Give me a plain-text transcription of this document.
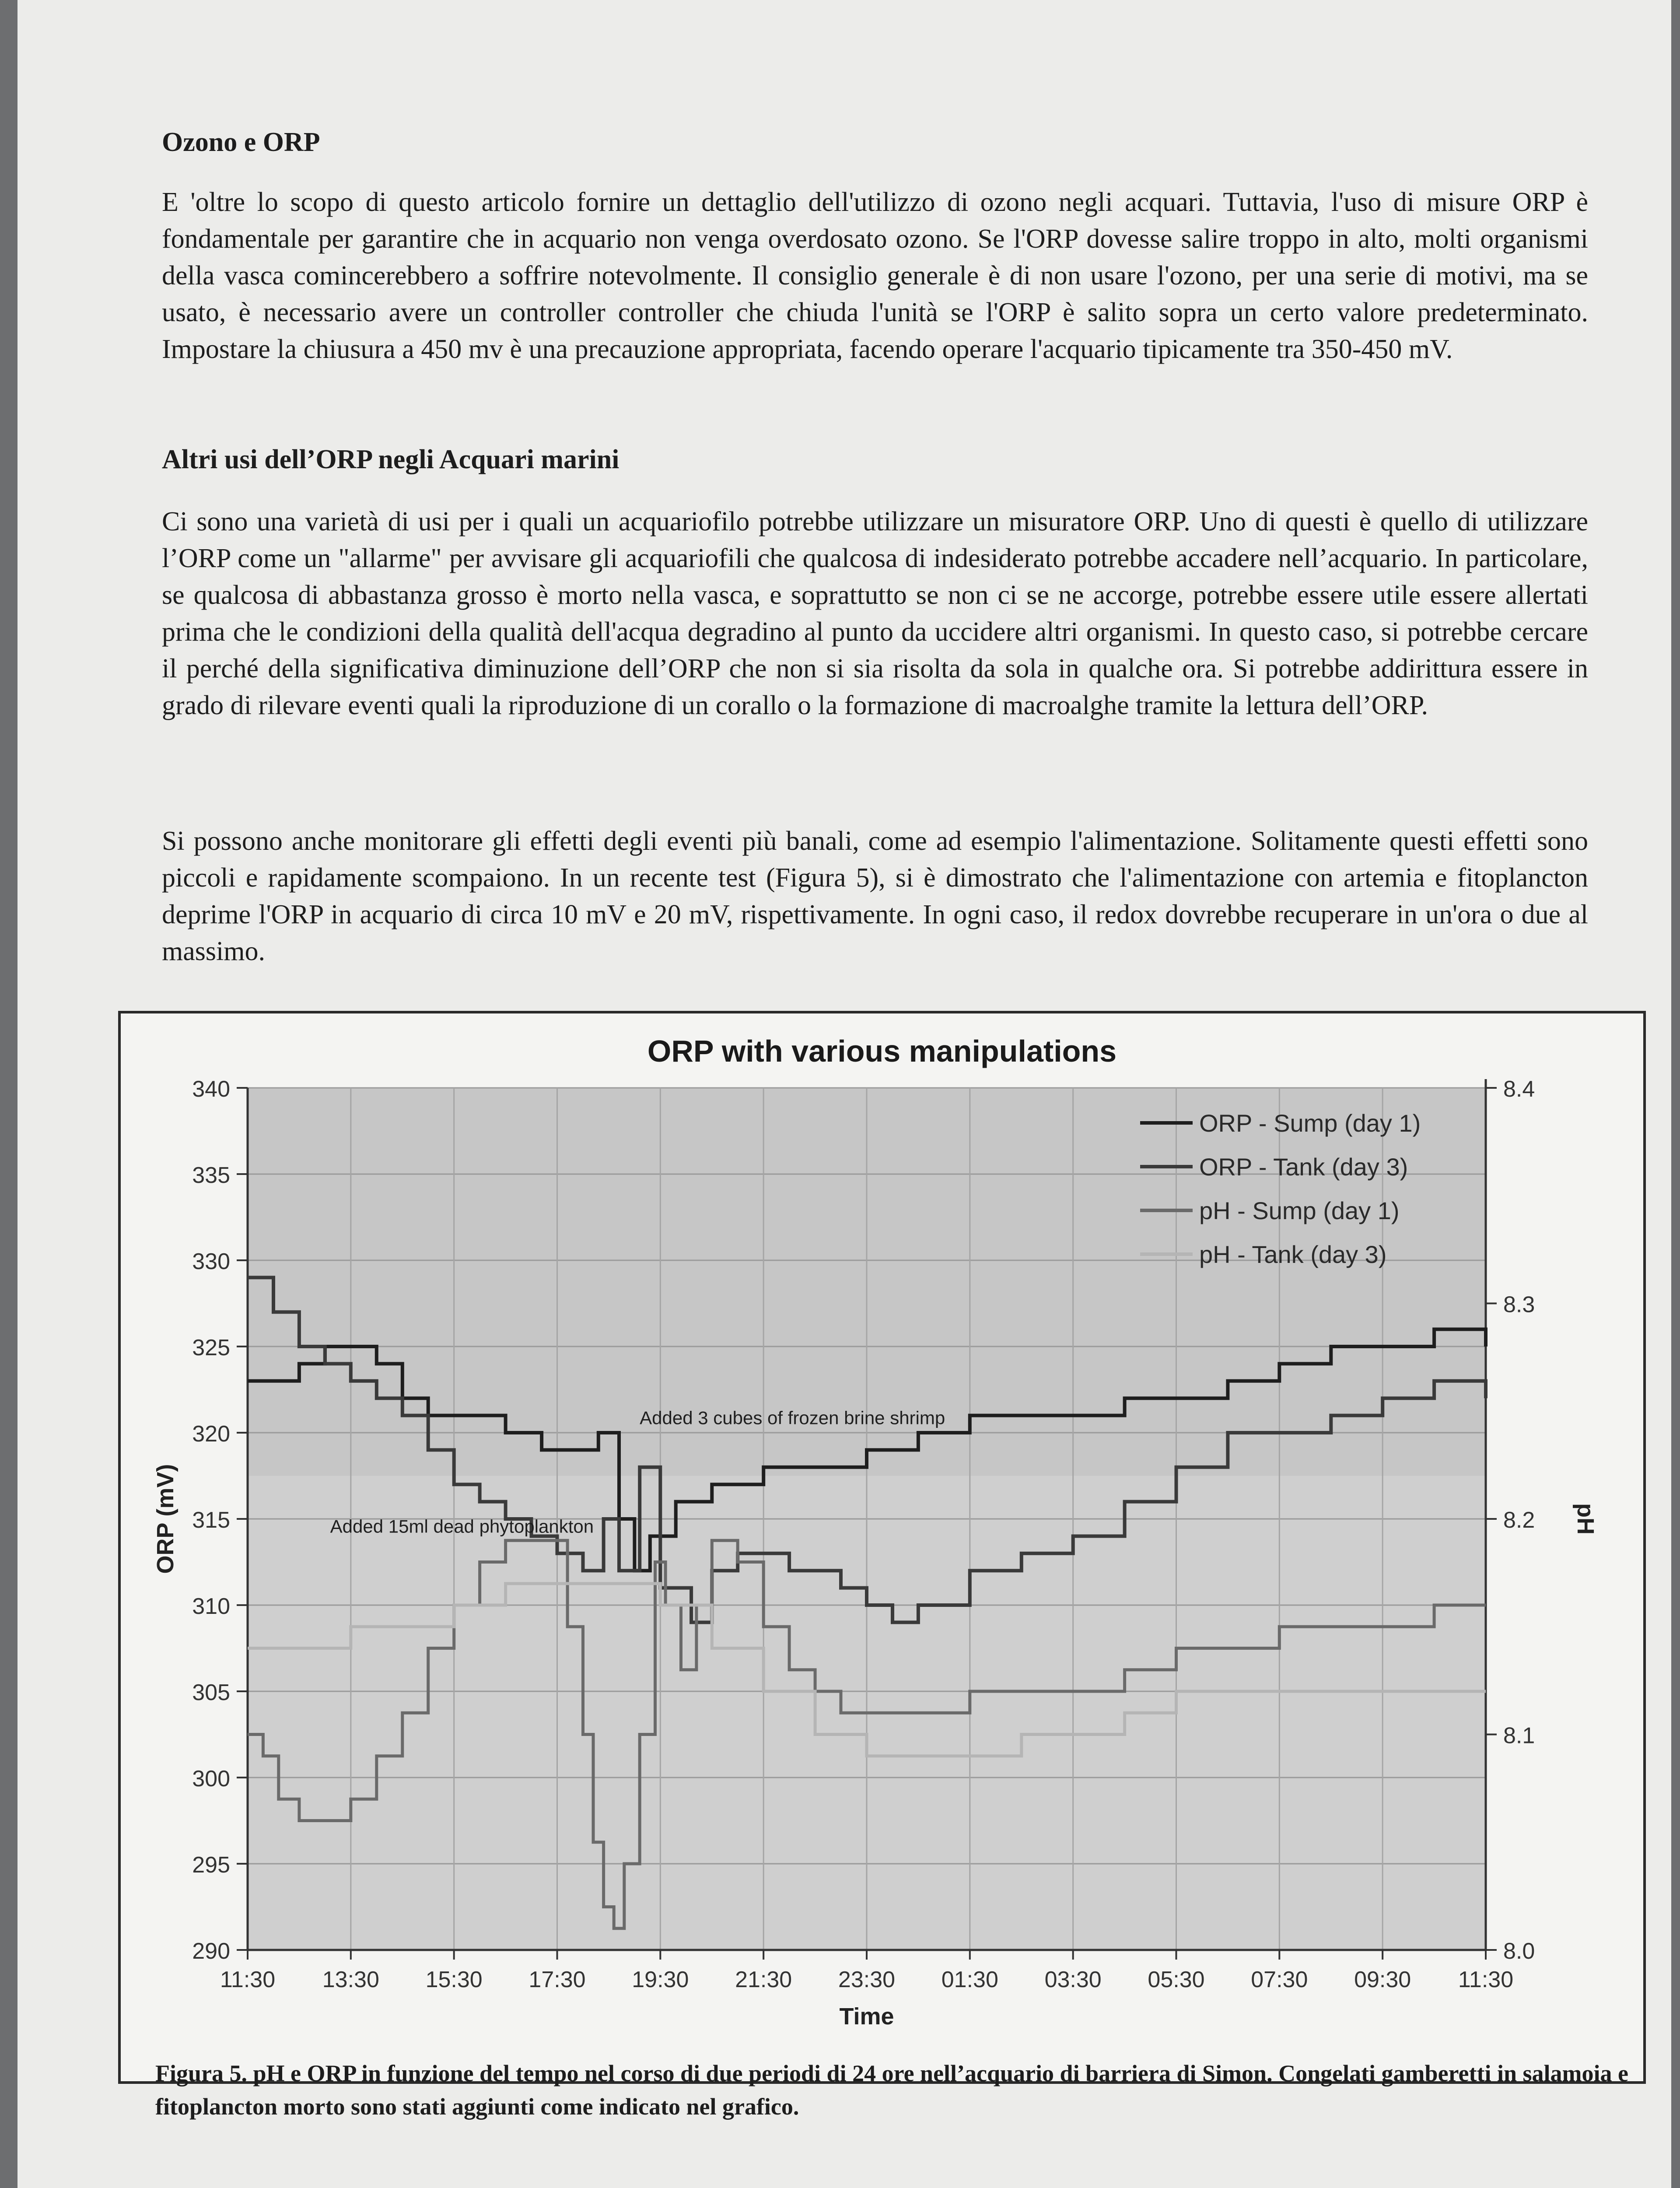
Ozono e ORP
E 'oltre lo scopo di questo articolo fornire un dettaglio dell'utilizzo di ozono negli acquari. Tuttavia, l'uso di misure ORP è fondamentale per garantire che in acquario non venga overdosato ozono. Se l'ORP dovesse salire troppo in alto, molti organismi della vasca comincerebbero a soffrire notevolmente. Il consiglio generale è di non usare l'ozono, per una serie di motivi, ma se usato, è necessario avere un controller controller che chiuda l'unità se l'ORP è salito sopra un certo valore predeterminato. Impostare la chiusura a 450 mv è una precauzione appropriata, facendo operare l'acquario tipicamente tra 350-450 mV.
Altri usi dell’ORP negli Acquari marini
Ci sono una varietà di usi per i quali un acquariofilo potrebbe utilizzare un misuratore ORP. Uno di questi è quello di utilizzare l’ORP come un "allarme" per avvisare gli acquariofili che qualcosa di indesiderato potrebbe accadere nell’acquario. In particolare, se qualcosa di abbastanza grosso è morto nella vasca, e soprattutto se non ci se ne accorge, potrebbe essere utile essere allertati prima che le condizioni della qualità dell'acqua degradino al punto da uccidere altri organismi. In questo caso, si potrebbe cercare il perché della significativa diminuzione dell’ORP che non si sia risolta da sola in qualche ora. Si potrebbe addirittura essere in grado di rilevare eventi quali la riproduzione di un corallo o la formazione di macroalghe tramite la lettura dell’ORP.
Si possono anche monitorare gli effetti degli eventi più banali, come ad esempio l'alimentazione. Solitamente questi effetti sono piccoli e rapidamente scompaiono. In un recente test (Figura 5), si è dimostrato che l'alimentazione con artemia e fitoplancton deprime l'ORP in acquario di circa 10 mV e 20 mV, rispettivamente. In ogni caso, il redox dovrebbe recuperare in un'ora o due al massimo.
ORP with various manipulations
290
295
300
305
310
315
320
325
330
335
340
8.0
8.1
8.2
8.3
8.4
11:30 13:30 15:30 17:30 19:30 21:30 23:30 01:30 03:30 05:30 07:30 09:30 11:30
Time
ORP (mV)	pH
Added 3 cubes of frozen brine shrimp
Added 15ml dead phytoplankton
ORP - Sump (day 1)
ORP - Tank (day 3)
pH - Sump (day 1)
pH - Tank (day 3)
Figura 5. pH e ORP in funzione del tempo nel corso di due periodi di 24 ore nell’acquario di barriera di Simon. Congelati gamberetti in salamoia e fitoplancton morto sono stati aggiunti come indicato nel grafico.
